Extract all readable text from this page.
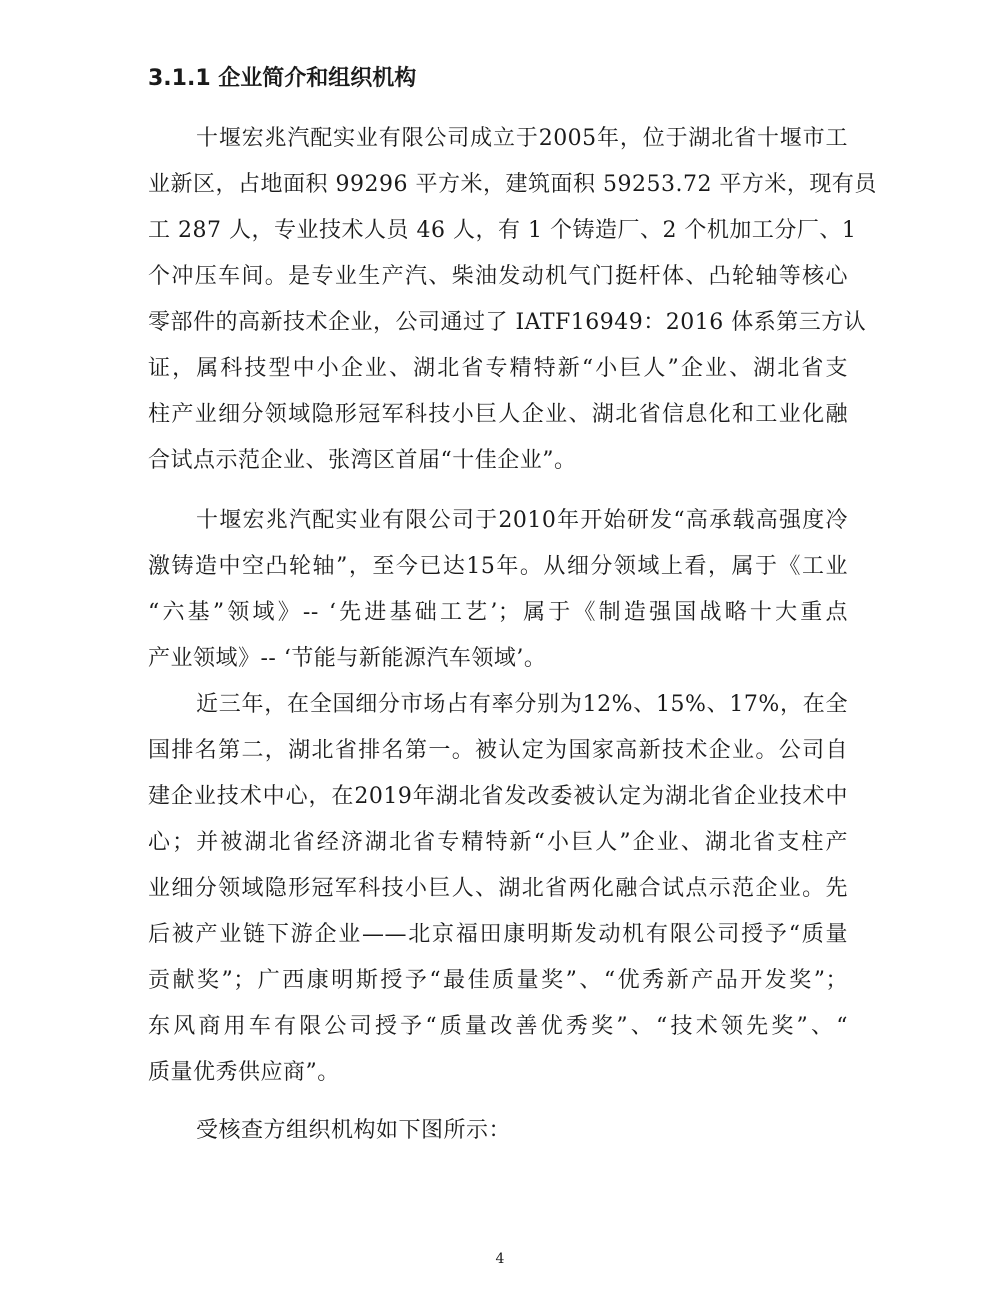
3.1.1 企业简介和组织机构

十堰宏兆汽配实业有限公司成立于2005年，位于湖北省十堰市工
业新区，占地面积 99296 平方米，建筑面积 59253.72 平方米，现有员
工 287 人，专业技术人员 46 人，有 1 个铸造厂、2 个机加工分厂、1
个冲压车间。是专业生产汽、柴油发动机气门挺杆体、凸轮轴等核心
零部件的高新技术企业，公司通过了 IATF16949：2016 体系第三方认
证，属科技型中小企业、湖北省专精特新“小巨人”企业、湖北省支
柱产业细分领域隐形冠军科技小巨人企业、湖北省信息化和工业化融
合试点示范企业、张湾区首届“十佳企业”。

十堰宏兆汽配实业有限公司于2010年开始研发“高承载高强度冷
激铸造中空凸轮轴”，至今已达15年。从细分领域上看，属于《工业
“六基”领域》-- ‘先进基础工艺’；属于《制造强国战略十大重点
产业领域》-- ‘节能与新能源汽车领域’。

近三年，在全国细分市场占有率分别为12%、15%、17%，在全
国排名第二，湖北省排名第一。被认定为国家高新技术企业。公司自
建企业技术中心，在2019年湖北省发改委被认定为湖北省企业技术中
心；并被湖北省经济湖北省专精特新“小巨人”企业、湖北省支柱产
业细分领域隐形冠军科技小巨人、湖北省两化融合试点示范企业。先
后被产业链下游企业——北京福田康明斯发动机有限公司授予“质量
贡献奖”；广西康明斯授予“最佳质量奖”、“优秀新产品开发奖”；
东风商用车有限公司授予“质量改善优秀奖”、“技术领先奖”、“
质量优秀供应商”。

受核查方组织机构如下图所示：

4
